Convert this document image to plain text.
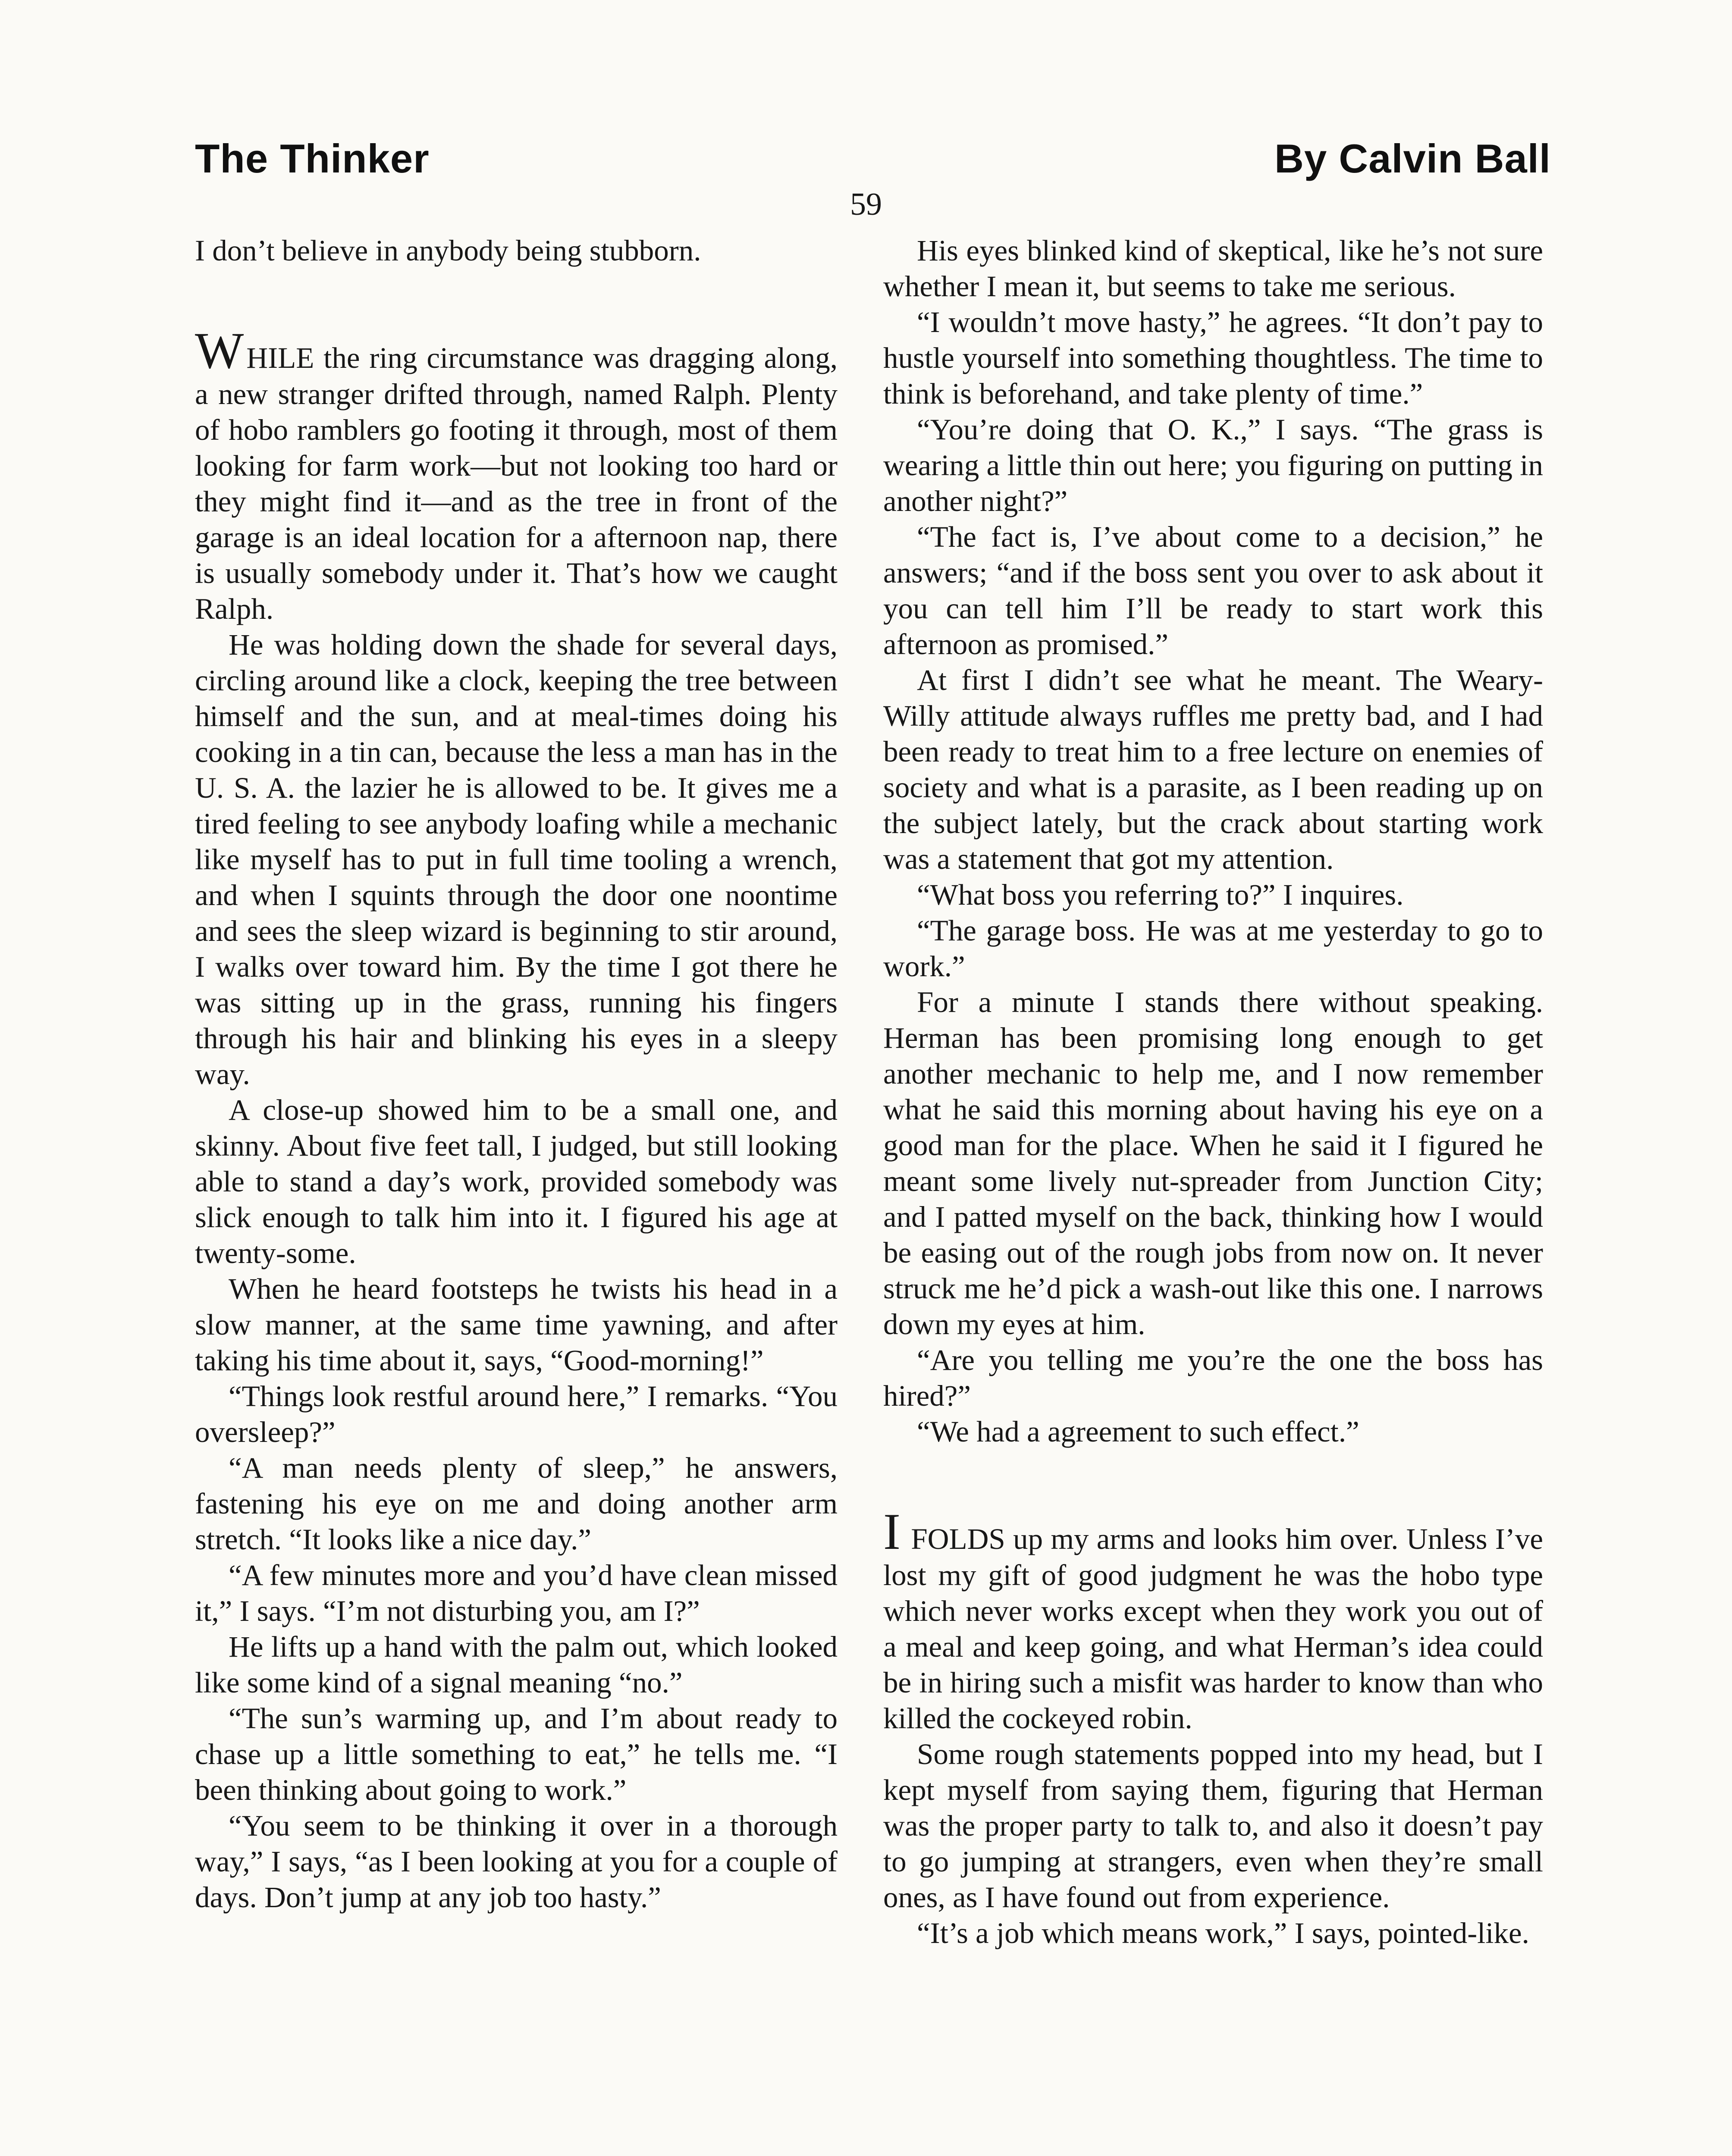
The Thinker	By Calvin Ball
59

I don’t believe in anybody being stubborn.

WHILE the ring circumstance was dragging along, a new stranger drifted through, named Ralph. Plenty of hobo ramblers go footing it through, most of them looking for farm work—but not looking too hard or they might find it—and as the tree in front of the garage is an ideal location for a afternoon nap, there is usually somebody under it. That’s how we caught Ralph.

He was holding down the shade for several days, circling around like a clock, keeping the tree between himself and the sun, and at meal-times doing his cooking in a tin can, because the less a man has in the U. S. A. the lazier he is allowed to be. It gives me a tired feeling to see anybody loafing while a mechanic like myself has to put in full time tooling a wrench, and when I squints through the door one noontime and sees the sleep wizard is beginning to stir around, I walks over toward him. By the time I got there he was sitting up in the grass, running his fingers through his hair and blinking his eyes in a sleepy way.

A close-up showed him to be a small one, and skinny. About five feet tall, I judged, but still looking able to stand a day’s work, provided somebody was slick enough to talk him into it. I figured his age at twenty-some.

When he heard footsteps he twists his head in a slow manner, at the same time yawning, and after taking his time about it, says, “Good-morning!”

“Things look restful around here,” I remarks. “You oversleep?”

“A man needs plenty of sleep,” he answers, fastening his eye on me and doing another arm stretch. “It looks like a nice day.”

“A few minutes more and you’d have clean missed it,” I says. “I’m not disturbing you, am I?”

He lifts up a hand with the palm out, which looked like some kind of a signal meaning “no.”

“The sun’s warming up, and I’m about ready to chase up a little something to eat,” he tells me. “I been thinking about going to work.”

“You seem to be thinking it over in a thorough way,” I says, “as I been looking at you for a couple of days. Don’t jump at any job too hasty.”

His eyes blinked kind of skeptical, like he’s not sure whether I mean it, but seems to take me serious.

“I wouldn’t move hasty,” he agrees. “It don’t pay to hustle yourself into something thoughtless. The time to think is beforehand, and take plenty of time.”

“You’re doing that O. K.,” I says. “The grass is wearing a little thin out here; you figuring on putting in another night?”

“The fact is, I’ve about come to a decision,” he answers; “and if the boss sent you over to ask about it you can tell him I’ll be ready to start work this afternoon as promised.”

At first I didn’t see what he meant. The Weary-Willy attitude always ruffles me pretty bad, and I had been ready to treat him to a free lecture on enemies of society and what is a parasite, as I been reading up on the subject lately, but the crack about starting work was a statement that got my attention.

“What boss you referring to?” I inquires.

“The garage boss. He was at me yesterday to go to work.”

For a minute I stands there without speaking. Herman has been promising long enough to get another mechanic to help me, and I now remember what he said this morning about having his eye on a good man for the place. When he said it I figured he meant some lively nut-spreader from Junction City; and I patted myself on the back, thinking how I would be easing out of the rough jobs from now on. It never struck me he’d pick a wash-out like this one. I narrows down my eyes at him.

“Are you telling me you’re the one the boss has hired?”

“We had a agreement to such effect.”

I FOLDS up my arms and looks him over. Unless I’ve lost my gift of good judgment he was the hobo type which never works except when they work you out of a meal and keep going, and what Herman’s idea could be in hiring such a misfit was harder to know than who killed the cockeyed robin.

Some rough statements popped into my head, but I kept myself from saying them, figuring that Herman was the proper party to talk to, and also it doesn’t pay to go jumping at strangers, even when they’re small ones, as I have found out from experience.

“It’s a job which means work,” I says, pointed-like.
